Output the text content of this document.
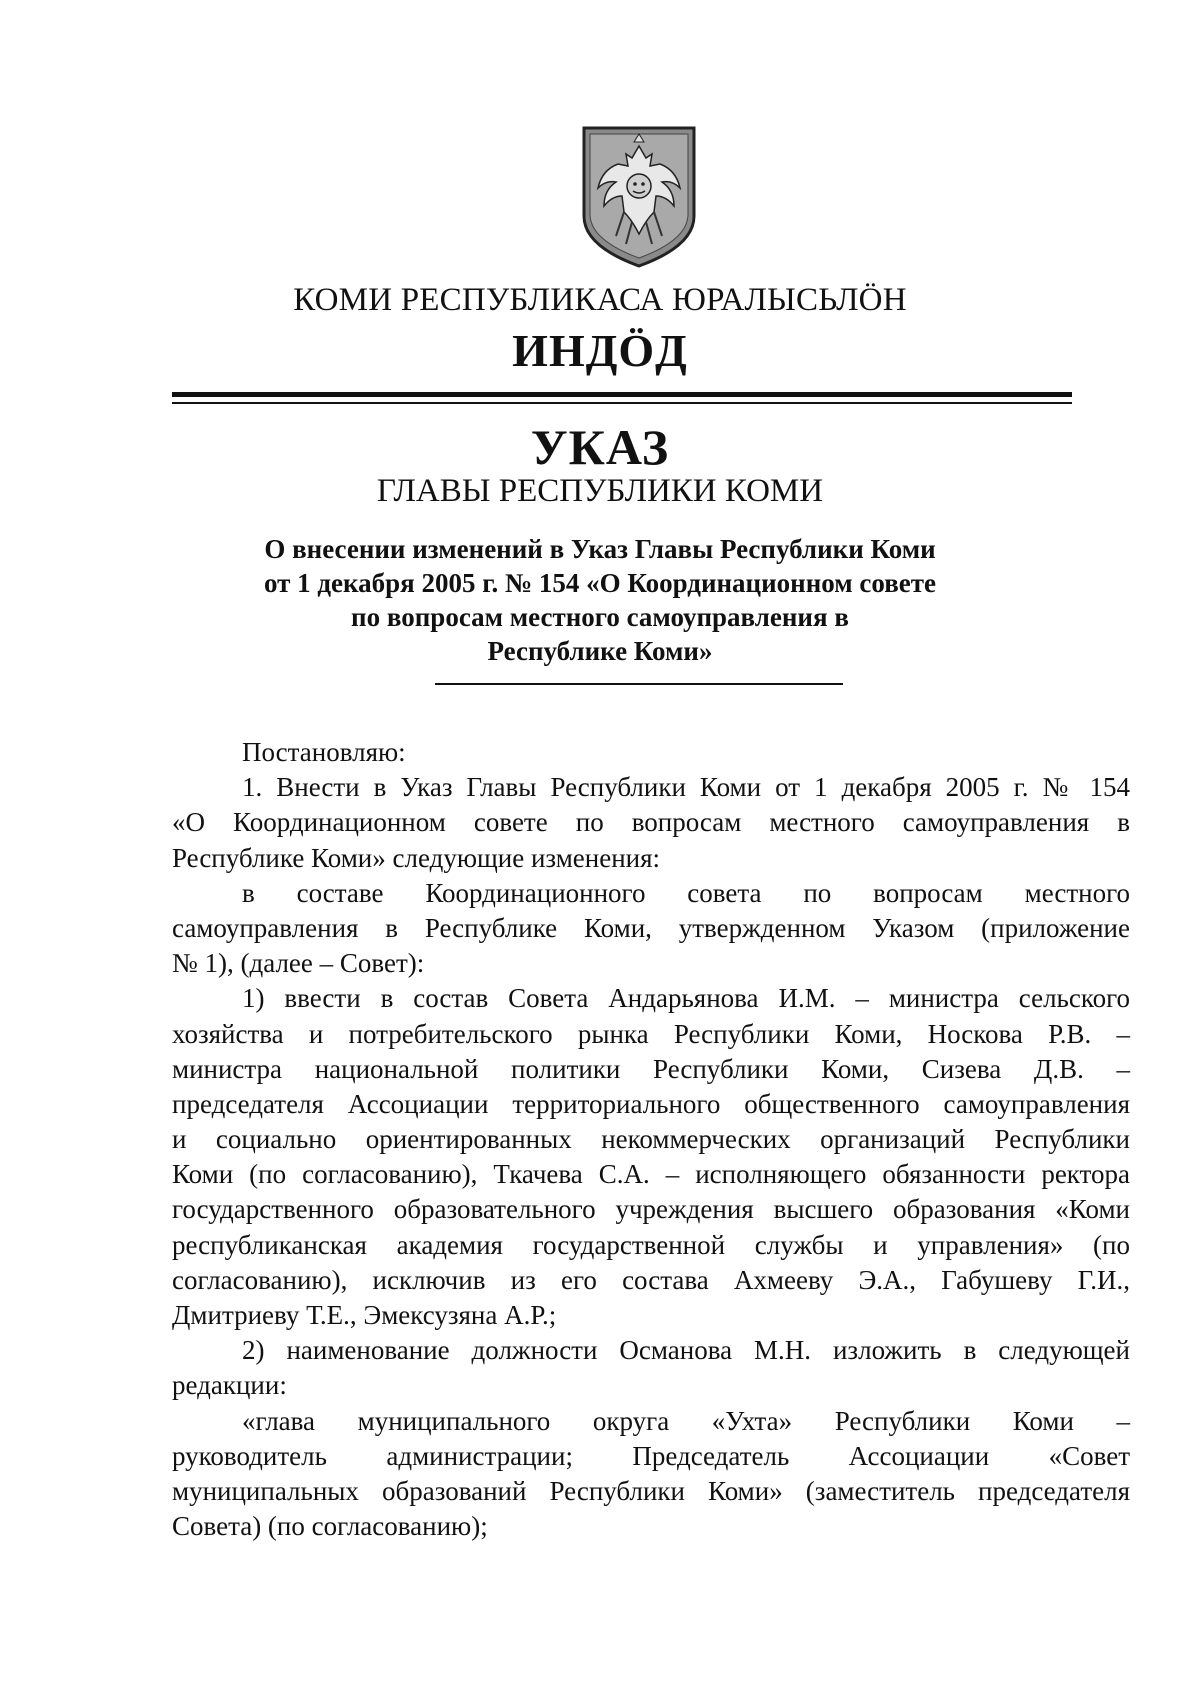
КОМИ РЕСПУБЛИКАСА ЮРАЛЫСЬЛÖН
ИНДÖД
УКАЗ
ГЛАВЫ РЕСПУБЛИКИ КОМИ
О внесении изменений в Указ Главы Республики Коми
от 1 декабря 2005 г. № 154 «О Координационном совете
по вопросам местного самоуправления в
Республике Коми»
Постановляю:
1. Внести в Указ Главы Республики Коми от 1 декабря 2005 г. № 154
«О Координационном совете по вопросам местного самоуправления в
Республике Коми» следующие изменения:
в составе Координационного совета по вопросам местного
самоуправления в Республике Коми, утвержденном Указом (приложение
№ 1), (далее – Совет):
1) ввести в состав Совета Андарьянова И.М. – министра сельского
хозяйства и потребительского рынка Республики Коми, Носкова Р.В. –
министра национальной политики Республики Коми, Сизева Д.В. –
председателя Ассоциации территориального общественного самоуправления
и социально ориентированных некоммерческих организаций Республики
Коми (по согласованию), Ткачева С.А. – исполняющего обязанности ректора
государственного образовательного учреждения высшего образования «Коми
республиканская академия государственной службы и управления» (по
согласованию), исключив из его состава Ахмееву Э.А., Габушеву Г.И.,
Дмитриеву Т.Е., Эмексузяна А.Р.;
2) наименование должности Османова М.Н. изложить в следующей
редакции:
«глава муниципального округа «Ухта» Республики Коми –
руководитель администрации; Председатель Ассоциации «Совет
муниципальных образований Республики Коми» (заместитель председателя
Совета) (по согласованию);
